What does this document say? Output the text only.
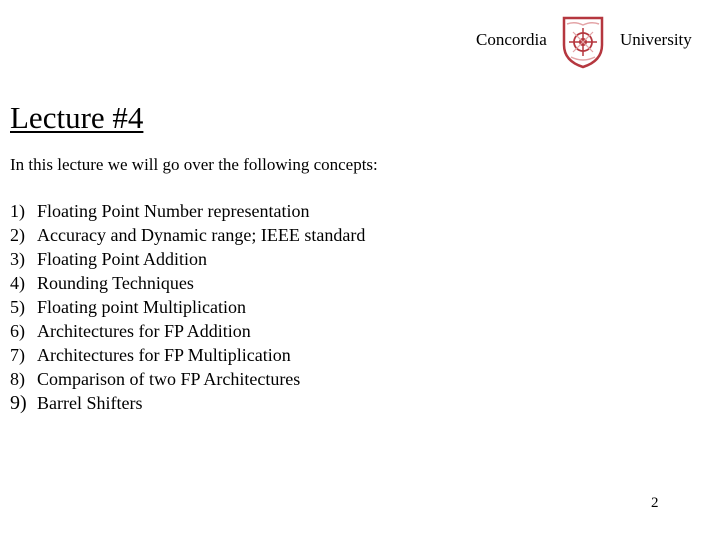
Concordia	University
Lecture #4
In this lecture we will go over the following concepts:
1) Floating Point Number representation
2) Accuracy and Dynamic range; IEEE standard
3) Floating Point Addition
4) Rounding Techniques
5) Floating point Multiplication
6) Architectures for FP Addition
7) Architectures for FP Multiplication
8) Comparison of two FP Architectures
9) Barrel Shifters
2
